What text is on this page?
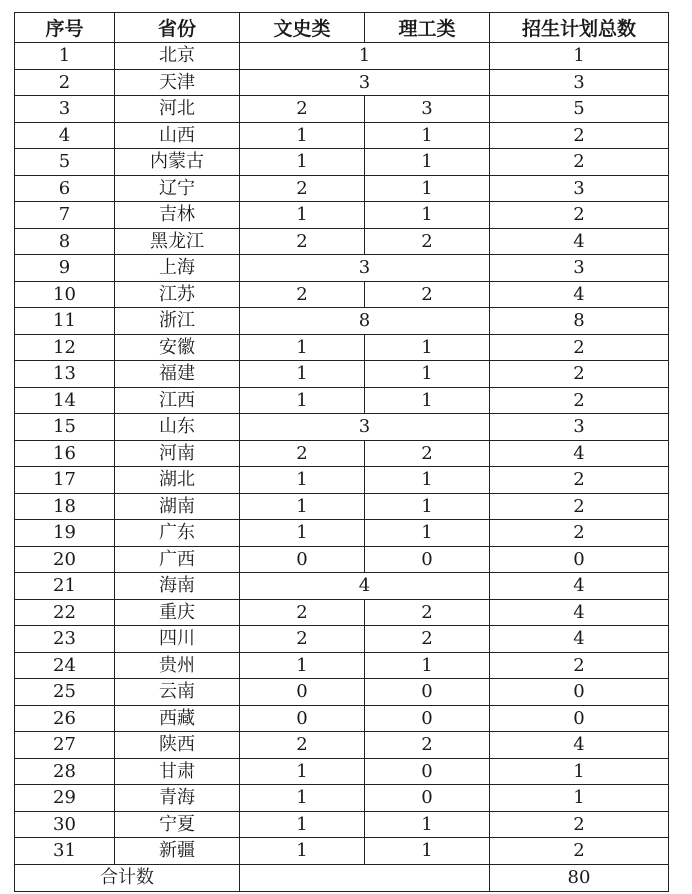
序号	省份	文史类	理工类	招生计划总数
1	北京	1		1
2	天津	3		3
3	河北	2	3	5
4	山西	1	1	2
5	内蒙古	1	1	2
6	辽宁	2	1	3
7	吉林	1	1	2
8	黑龙江	2	2	4
9	上海	3		3
10	江苏	2	2	4
11	浙江	8		8
12	安徽	1	1	2
13	福建	1	1	2
14	江西	1	1	2
15	山东	3		3
16	河南	2	2	4
17	湖北	1	1	2
18	湖南	1	1	2
19	广东	1	1	2
20	广西	0	0	0
21	海南	4		4
22	重庆	2	2	4
23	四川	2	2	4
24	贵州	1	1	2
25	云南	0	0	0
26	西藏	0	0	0
27	陕西	2	2	4
28	甘肃	1	0	1
29	青海	1	0	1
30	宁夏	1	1	2
31	新疆	1	1	2
合计数				80
